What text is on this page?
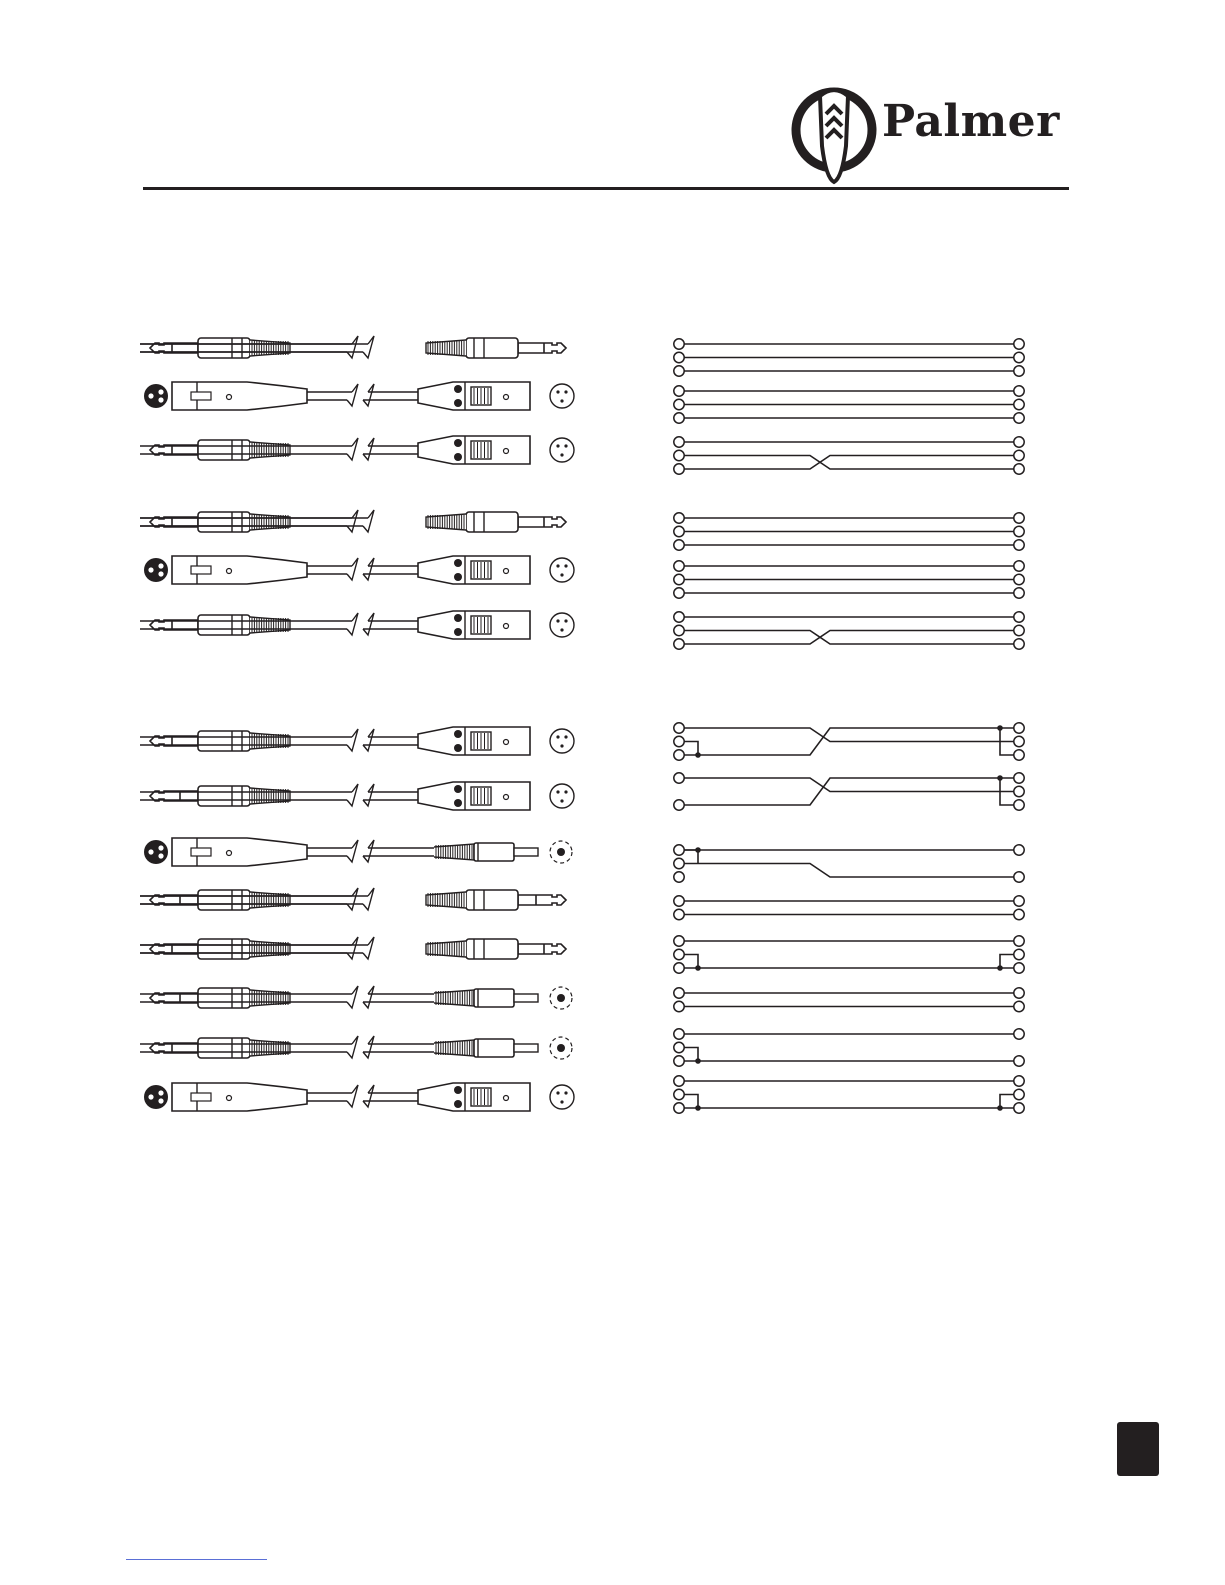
Palmer
